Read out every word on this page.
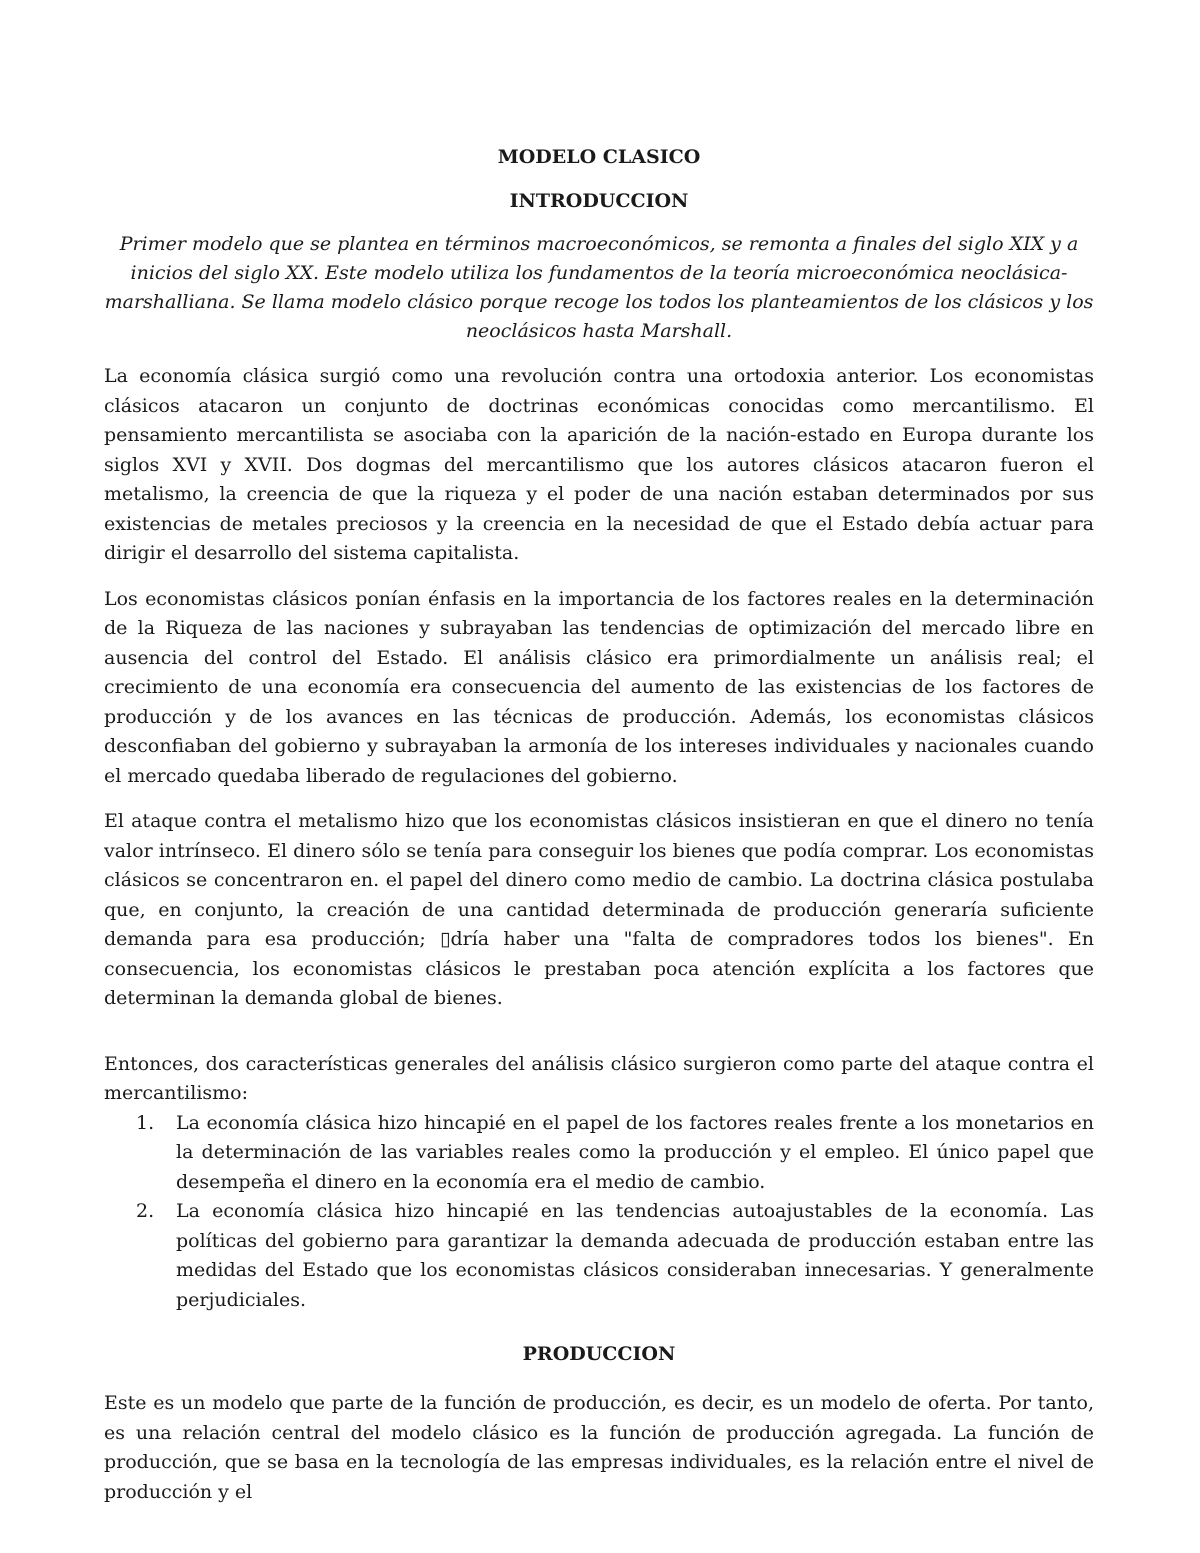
MODELO CLASICO

INTRODUCCION

Primer modelo que se plantea en términos macroeconómicos, se remonta a finales del siglo XIX y a inicios del siglo XX. Este modelo utiliza los fundamentos de la teoría microeconómica neoclásica-marshalliana. Se llama modelo clásico porque recoge los todos los planteamientos de los clásicos y los neoclásicos hasta Marshall.

La economía clásica surgió como una revolución contra una ortodoxia anterior. Los economistas clásicos atacaron un conjunto de doctrinas económicas conocidas como mercantilismo. El pensamiento mercantilista se asociaba con la aparición de la nación-estado en Europa durante los siglos XVI y XVII. Dos dogmas del mercantilismo que los autores clásicos atacaron fueron el metalismo, la creencia de que la riqueza y el poder de una nación estaban determinados por sus existencias de metales preciosos y la creencia en la necesidad de que el Estado debía actuar para dirigir el desarrollo del sistema capitalista.

Los economistas clásicos ponían énfasis en la importancia de los factores reales en la determinación de la Riqueza de las naciones y subrayaban las tendencias de optimización del mercado libre en ausencia del control del Estado. El análisis clásico era primordialmente un análisis real; el crecimiento de una economía era consecuencia del aumento de las existencias de los factores de producción y de los avances en las técnicas de producción. Además, los economistas clásicos desconfiaban del gobierno y subrayaban la armonía de los intereses individuales y nacionales cuando el mercado quedaba liberado de regulaciones del gobierno.

El ataque contra el metalismo hizo que los economistas clásicos insistieran en que el dinero no tenía valor intrínseco. El dinero sólo se tenía para conseguir los bienes que podía comprar. Los economistas clásicos se concentraron en. el papel del dinero como medio de cambio. La doctrina clásica postulaba que, en conjunto, la creación de una cantidad determinada de producción generaría suficiente demanda para esa producción; ▯dría haber una "falta de compradores todos los bienes". En consecuencia, los economistas clásicos le prestaban poca atención explícita a los factores que determinan la demanda global de bienes.

Entonces, dos características generales del análisis clásico surgieron como parte del ataque contra el mercantilismo:

1. La economía clásica hizo hincapié en el papel de los factores reales frente a los monetarios en la determinación de las variables reales como la producción y el empleo. El único papel que desempeña el dinero en la economía era el medio de cambio.
2. La economía clásica hizo hincapié en las tendencias autoajustables de la economía. Las políticas del gobierno para garantizar la demanda adecuada de producción estaban entre las medidas del Estado que los economistas clásicos consideraban innecesarias. Y generalmente perjudiciales.

PRODUCCION

Este es un modelo que parte de la función de producción, es decir, es un modelo de oferta. Por tanto, es una relación central del modelo clásico es la función de producción agregada. La función de producción, que se basa en la tecnología de las empresas individuales, es la relación entre el nivel de producción y el
